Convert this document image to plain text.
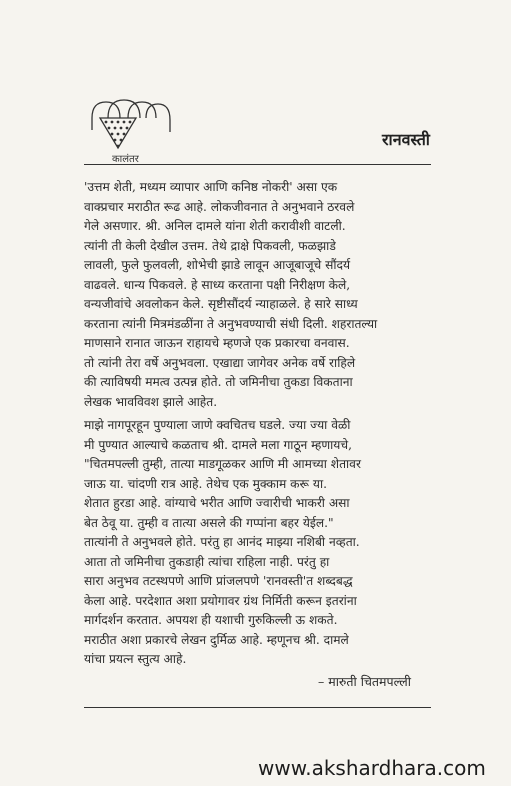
कालंतर
रानवस्ती
'उत्तम शेती, मध्यम व्यापार आणि कनिष्ठ नोकरी' असा एक
वाक्प्रचार मराठीत रूढ आहे. लोकजीवनात ते अनुभवाने ठरवले
गेले असणार. श्री. अनिल दामले यांना शेती करावीशी वाटली.
त्यांनी ती केली देखील उत्तम. तेथे द्राक्षे पिकवली, फळझाडे
लावली, फुले फुलवली, शोभेची झाडे लावून आजूबाजूचे सौंदर्य
वाढवले. धान्य पिकवले. हे साध्य करताना पक्षी निरीक्षण केले,
वन्यजीवांचे अवलोकन केले. सृष्टीसौंदर्य न्याहाळले. हे सारे साध्य
करताना त्यांनी मित्रमंडळींना ते अनुभवण्याची संधी दिली. शहरातल्या
माणसाने रानात जाऊन राहायचे म्हणजे एक प्रकारचा वनवास.
तो त्यांनी तेरा वर्षे अनुभवला. एखाद्या जागेवर अनेक वर्षे राहिले
की त्याविषयी ममत्व उत्पन्न होते. तो जमिनीचा तुकडा विकताना
लेखक भावविवश झाले आहेत.
माझे नागपूरहून पुण्याला जाणे क्वचितच घडले. ज्या ज्या वेळी
मी पुण्यात आल्याचे कळताच श्री. दामले मला गाठून म्हणायचे,
"चितमपल्ली तुम्ही, तात्या माडगूळकर आणि मी आमच्या शेतावर
जाऊ या. चांदणी रात्र आहे. तेथेच एक मुक्काम करू या.
शेतात हुरडा आहे. वांग्याचे भरीत आणि ज्वारीची भाकरी असा
बेत ठेवू या. तुम्ही व तात्या असले की गप्पांना बहर येईल."
तात्यांनी ते अनुभवले होते. परंतु हा आनंद माझ्या नशिबी नव्हता.
आता तो जमिनीचा तुकडाही त्यांचा राहिला नाही. परंतु हा
सारा अनुभव तटस्थपणे आणि प्रांजलपणे 'रानवस्ती'त शब्दबद्ध
केला आहे. परदेशात अशा प्रयोगावर ग्रंथ निर्मिती करून इतरांना
मार्गदर्शन करतात. अपयश ही यशाची गुरुकिल्ली ऊ शकते.
मराठीत अशा प्रकारचे लेखन दुर्मिळ आहे. म्हणूनच श्री. दामले
यांचा प्रयत्न स्तुत्य आहे.
– मारुती चितमपल्ली
www.akshardhara.com
